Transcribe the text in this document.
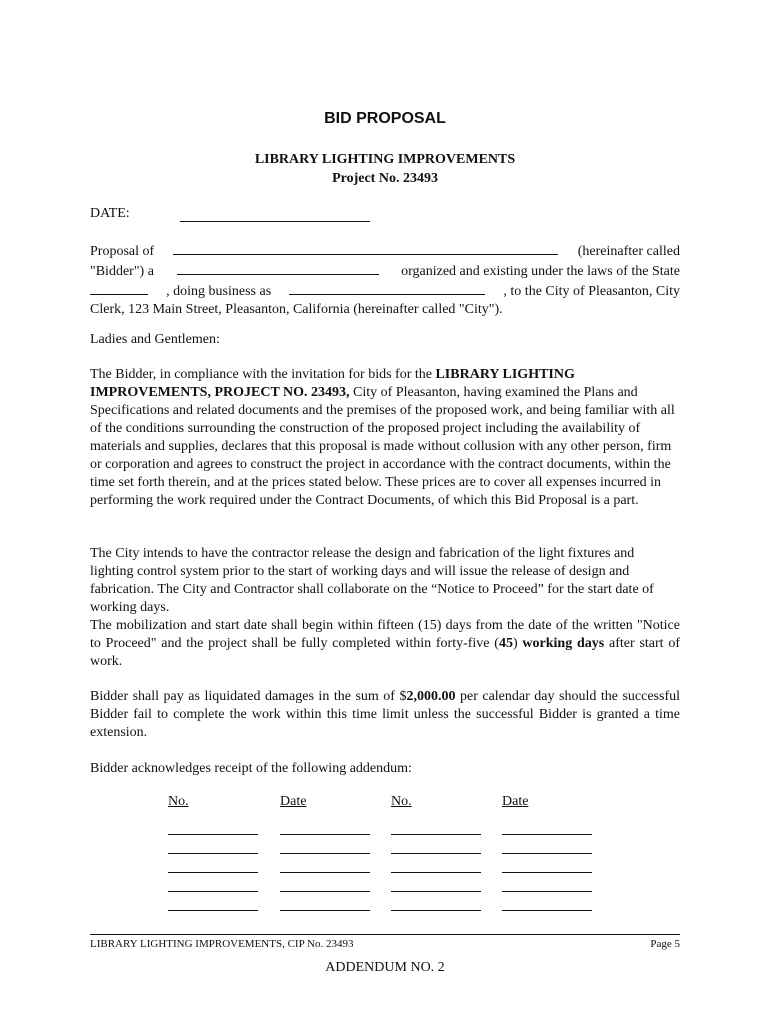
BID PROPOSAL
LIBRARY LIGHTING IMPROVEMENTS
Project No. 23493
DATE:
Proposal of	(hereinafter called
"Bidder") a	organized and existing under the laws of the State
, doing business as	, to the City of Pleasanton, City
Clerk, 123 Main Street, Pleasanton, California (hereinafter called "City").

Ladies and Gentlemen:

The Bidder, in compliance with the invitation for bids for the LIBRARY LIGHTING IMPROVEMENTS, PROJECT NO. 23493, City of Pleasanton, having examined the Plans and Specifications and related documents and the premises of the proposed work, and being familiar with all of the conditions surrounding the construction of the proposed project including the availability of materials and supplies, declares that this proposal is made without collusion with any other person, firm or corporation and agrees to construct the project in accordance with the contract documents, within the time set forth therein, and at the prices stated below. These prices are to cover all expenses incurred in performing the work required under the Contract Documents, of which this Bid Proposal is a part.

The City intends to have the contractor release the design and fabrication of the light fixtures and lighting control system prior to the start of working days and will issue the release of design and fabrication. The City and Contractor shall collaborate on the “Notice to Proceed” for the start date of working days.

The mobilization and start date shall begin within fifteen (15) days from the date of the written "Notice to Proceed" and the project shall be fully completed within forty-five (45) working days after start of work.

Bidder shall pay as liquidated damages in the sum of $2,000.00 per calendar day should the successful Bidder fail to complete the work within this time limit unless the successful Bidder is granted a time extension.

Bidder acknowledges receipt of the following addendum:

No.	Date	No.	Date
LIBRARY LIGHTING IMPROVEMENTS, CIP No. 23493	Page 5
ADDENDUM NO. 2
